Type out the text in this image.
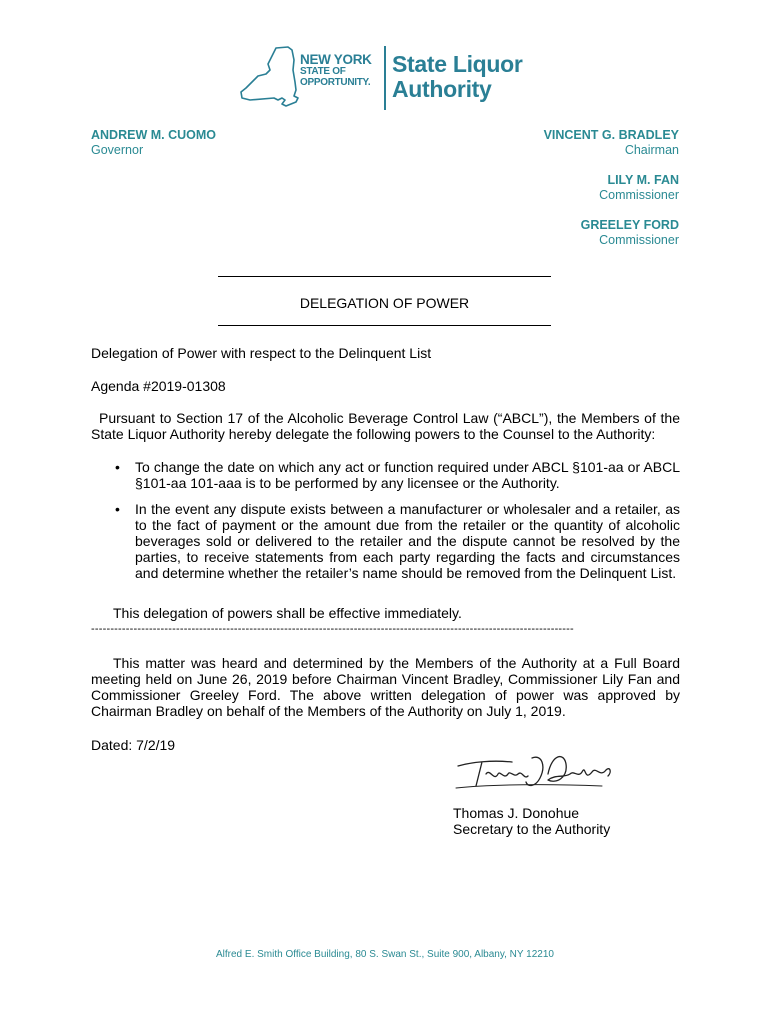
NEW YORK
STATE OF
OPPORTUNITY.
State Liquor
Authority
ANDREW M. CUOMO
Governor
VINCENT G. BRADLEY
Chairman
LILY M. FAN
Commissioner
GREELEY FORD
Commissioner
DELEGATION OF POWER
Delegation of Power with respect to the Delinquent List
Agenda #2019-01308
Pursuant to Section 17 of the Alcoholic Beverage Control Law (“ABCL”), the Members of the State Liquor Authority hereby delegate the following powers to the Counsel to the Authority:
• To change the date on which any act or function required under ABCL §101-aa or ABCL §101-aa 101-aaa is to be performed by any licensee or the Authority.
• In the event any dispute exists between a manufacturer or wholesaler and a retailer, as to the fact of payment or the amount due from the retailer or the quantity of alcoholic beverages sold or delivered to the retailer and the dispute cannot be resolved by the parties, to receive statements from each party regarding the facts and circumstances and determine whether the retailer’s name should be removed from the Delinquent List.
This delegation of powers shall be effective immediately.
-----------------------------------------------------------------------------------------------------------------------------
This matter was heard and determined by the Members of the Authority at a Full Board meeting held on June 26, 2019 before Chairman Vincent Bradley, Commissioner Lily Fan and Commissioner Greeley Ford. The above written delegation of power was approved by Chairman Bradley on behalf of the Members of the Authority on July 1, 2019.
Dated: 7/2/19
Thomas J. Donohue
Secretary to the Authority
Alfred E. Smith Office Building, 80 S. Swan St., Suite 900, Albany, NY 12210
